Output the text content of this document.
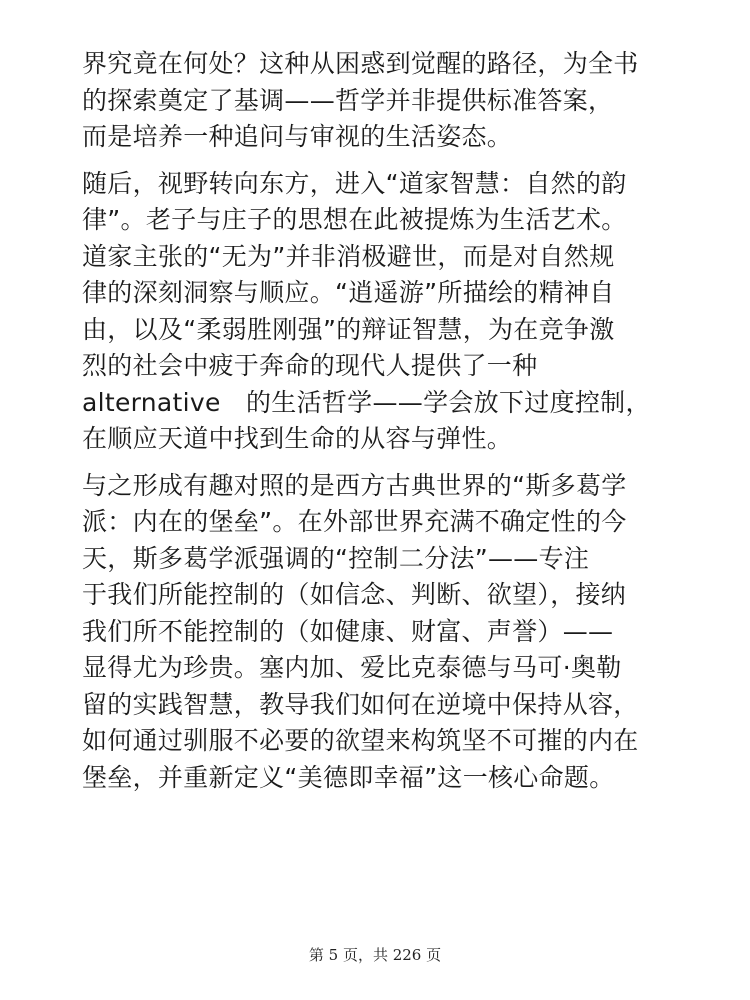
界究竟在何处？这种从困惑到觉醒的路径，为全书
的探索奠定了基调——哲学并非提供标准答案，
而是培养一种追问与审视的生活姿态。
随后，视野转向东方，进入“道家智慧：自然的韵
律”。老子与庄子的思想在此被提炼为生活艺术。
道家主张的“无为”并非消极避世，而是对自然规
律的深刻洞察与顺应。“逍遥游”所描绘的精神自
由，以及“柔弱胜刚强”的辩证智慧，为在竞争激
烈的社会中疲于奔命的现代人提供了一种
alternative　的生活哲学——学会放下过度控制，
在顺应天道中找到生命的从容与弹性。
与之形成有趣对照的是西方古典世界的“斯多葛学
派：内在的堡垒”。在外部世界充满不确定性的今
天，斯多葛学派强调的“控制二分法”——专注
于我们所能控制的（如信念、判断、欲望），接纳
我们所不能控制的（如健康、财富、声誉）——
显得尤为珍贵。塞内加、爱比克泰德与马可·奥勒
留的实践智慧，教导我们如何在逆境中保持从容，
如何通过驯服不必要的欲望来构筑坚不可摧的内在
堡垒，并重新定义“美德即幸福”这一核心命题。
第 5 页，共 226 页
